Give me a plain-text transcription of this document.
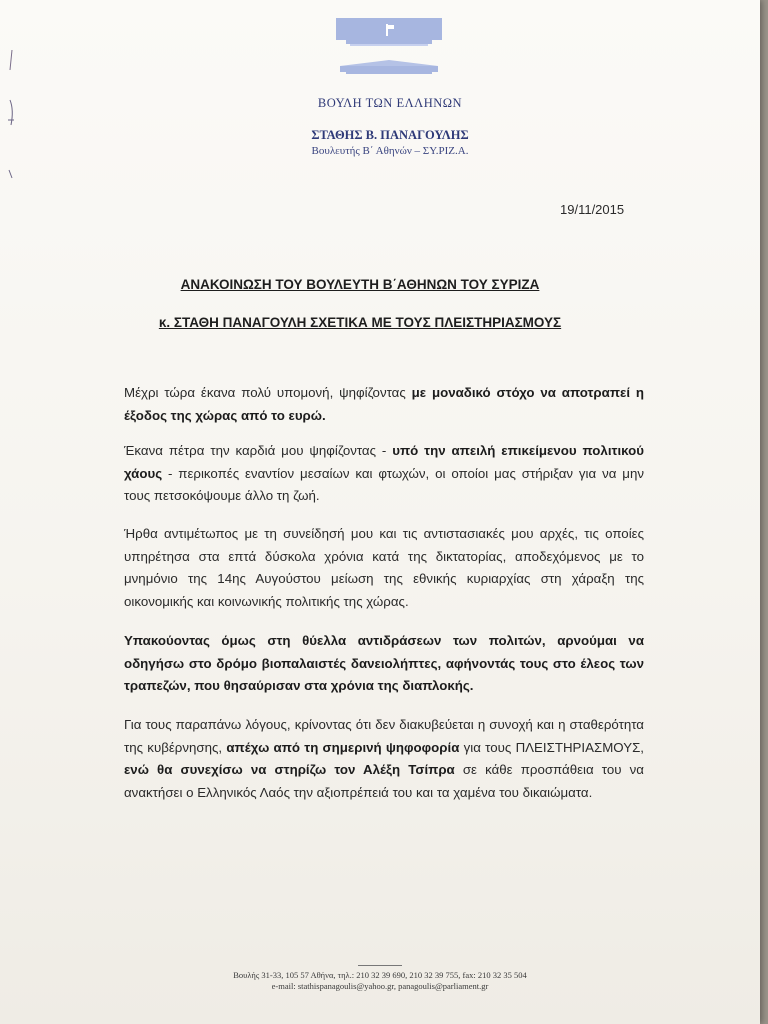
ΒΟΥΛΗ ΤΩΝ ΕΛΛΗΝΩΝ
ΣΤΑΘΗΣ Β. ΠΑΝΑΓΟΥΛΗΣ
Βουλευτής Β΄ Αθηνών – ΣΥ.ΡΙΖ.Α.
19/11/2015
ΑΝΑΚΟΙΝΩΣΗ ΤΟΥ ΒΟΥΛΕΥΤΗ Β΄ΑΘΗΝΩΝ ΤΟΥ ΣΥΡΙΖΑ
κ. ΣΤΑΘΗ ΠΑΝΑΓΟΥΛΗ ΣΧΕΤΙΚΑ ΜΕ ΤΟΥΣ ΠΛΕΙΣΤΗΡΙΑΣΜΟΥΣ
Μέχρι τώρα έκανα πολύ υπομονή, ψηφίζοντας με μοναδικό στόχο να αποτραπεί η έξοδος της χώρας από το ευρώ.
Έκανα πέτρα την καρδιά μου ψηφίζοντας - υπό την απειλή επικείμενου πολιτικού χάους - περικοπές εναντίον μεσαίων και φτωχών, οι οποίοι μας στήριξαν για να μην τους πετσοκόψουμε άλλο τη ζωή.
Ήρθα αντιμέτωπος με τη συνείδησή μου και τις αντιστασιακές μου αρχές, τις οποίες υπηρέτησα στα επτά δύσκολα χρόνια κατά της δικτατορίας, αποδεχόμενος με το μνημόνιο της 14ης Αυγούστου μείωση της εθνικής κυριαρχίας στη χάραξη της οικονομικής και κοινωνικής πολιτικής της χώρας.
Υπακούοντας όμως στη θύελλα αντιδράσεων των πολιτών, αρνούμαι να οδηγήσω στο δρόμο βιοπαλαιστές δανειολήπτες, αφήνοντάς τους στο έλεος των τραπεζών, που θησαύρισαν στα χρόνια της διαπλοκής.
Για τους παραπάνω λόγους, κρίνοντας ότι δεν διακυβεύεται η συνοχή και η σταθερότητα της κυβέρνησης, απέχω από τη σημερινή ψηφοφορία για τους ΠΛΕΙΣΤΗΡΙΑΣΜΟΥΣ, ενώ θα συνεχίσω να στηρίζω τον Αλέξη Τσίπρα σε κάθε προσπάθεια του να ανακτήσει ο Ελληνικός Λαός την αξιοπρέπειά του και τα χαμένα του δικαιώματα.
Βουλής 31-33, 105 57 Αθήνα, τηλ.: 210 32 39 690, 210 32 39 755, fax: 210 32 35 504
e-mail: stathispanagoulis@yahoo.gr, panagoulis@parliament.gr
